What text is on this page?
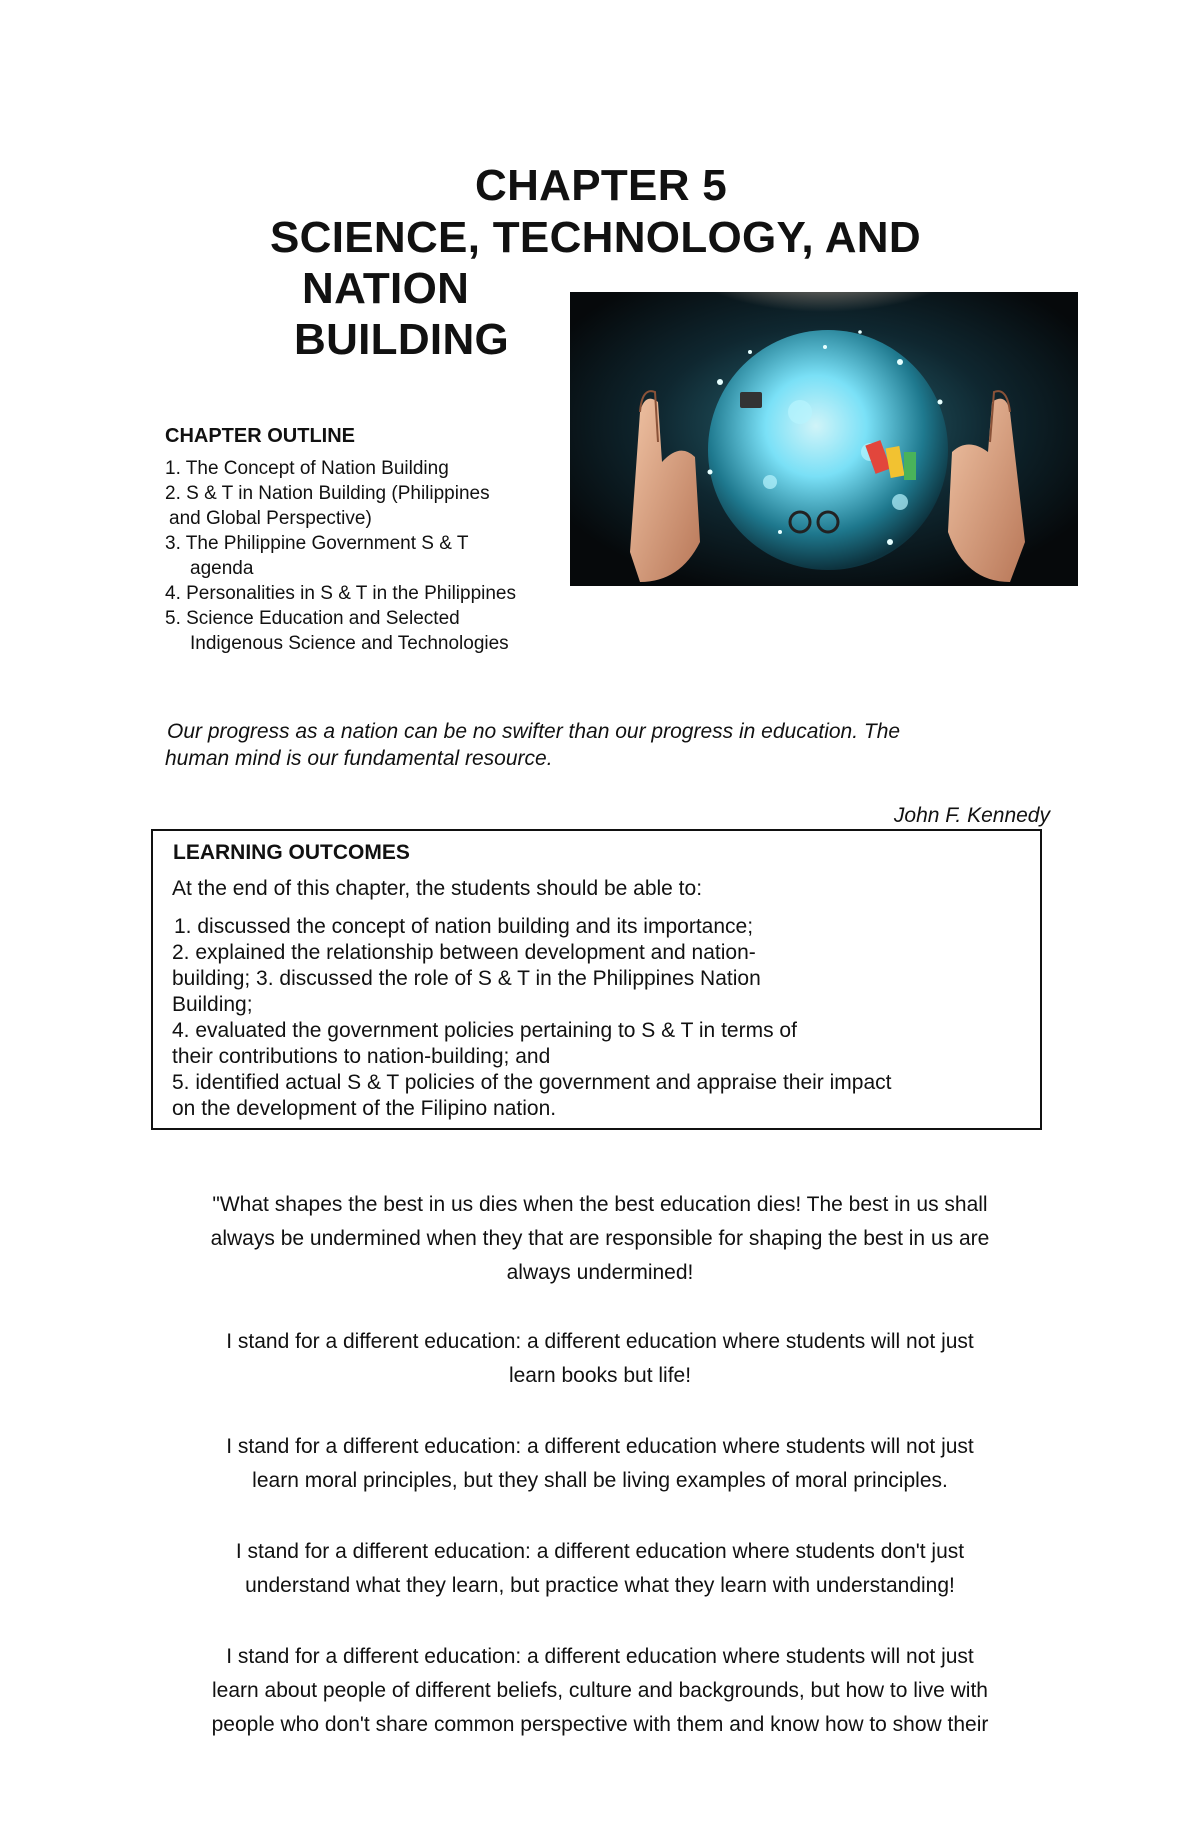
CHAPTER 5
SCIENCE, TECHNOLOGY, AND
NATION
BUILDING
CHAPTER OUTLINE
1. The Concept of Nation Building
2. S & T in Nation Building (Philippines
and Global Perspective)
3. The Philippine Government S & T
agenda
4. Personalities in S & T in the Philippines
5. Science Education and Selected
Indigenous Science and Technologies
Our progress as a nation can be no swifter than our progress in education. The
human mind is our fundamental resource.
John F. Kennedy
LEARNING OUTCOMES
At the end of this chapter, the students should be able to:
1. discussed the concept of nation building and its importance;
2. explained the relationship between development and nation-
building; 3. discussed the role of S & T in the Philippines Nation
Building;
4. evaluated the government policies pertaining to S & T in terms of
their contributions to nation-building; and
5. identified actual S & T policies of the government and appraise their impact
on the development of the Filipino nation.
"What shapes the best in us dies when the best education dies! The best in us shall
always be undermined when they that are responsible for shaping the best in us are
always undermined!
I stand for a different education: a different education where students will not just
learn books but life!
I stand for a different education: a different education where students will not just
learn moral principles, but they shall be living examples of moral principles.
I stand for a different education: a different education where students don't just
understand what they learn, but practice what they learn with understanding!
I stand for a different education: a different education where students will not just
learn about people of different beliefs, culture and backgrounds, but how to live with
people who don't share common perspective with them and know how to show their
